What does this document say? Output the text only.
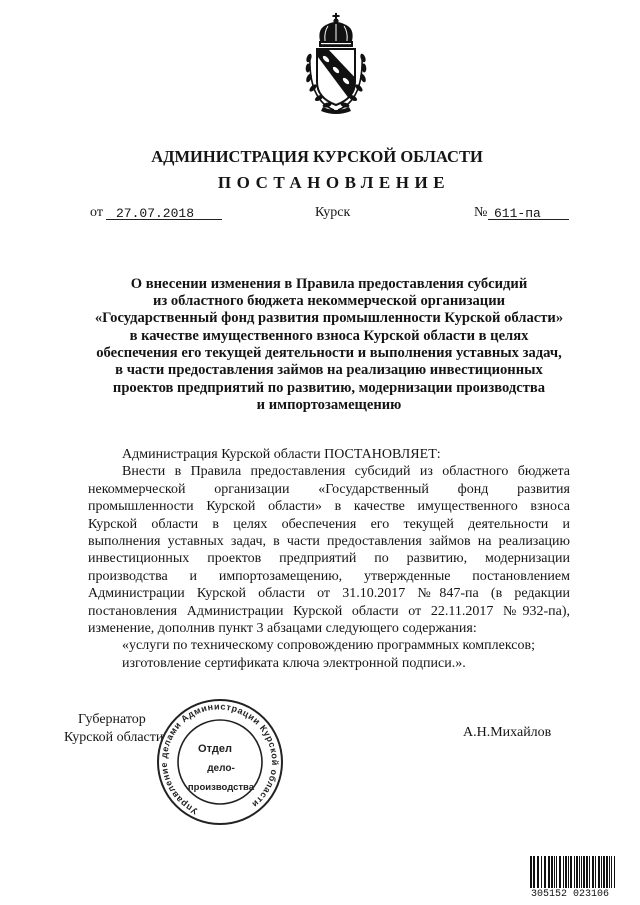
АДМИНИСТРАЦИЯ КУРСКОЙ ОБЛАСТИ
ПОСТАНОВЛЕНИЕ
от 27.07.2018	Курск	№ 611-па
О внесении изменения в Правила предоставления субсидий
из областного бюджета некоммерческой организации
«Государственный фонд развития промышленности Курской области»
в качестве имущественного взноса Курской области в целях
обеспечения его текущей деятельности и выполнения уставных задач,
в части предоставления займов на реализацию инвестиционных
проектов предприятий по развитию, модернизации производства
и импортозамещению
Администрация Курской области ПОСТАНОВЛЯЕТ:
Внести в Правила предоставления субсидий из областного бюджета
некоммерческой организации «Государственный фонд развития
промышленности Курской области» в качестве имущественного взноса
Курской области в целях обеспечения его текущей деятельности и
выполнения уставных задач, в части предоставления займов на реализацию
инвестиционных проектов предприятий по развитию, модернизации
производства и импортозамещению, утвержденные постановлением
Администрации Курской области от 31.10.2017 №847-па (в редакции
постановления Администрации Курской области от 22.11.2017 №932-па),
изменение, дополнив пункт 3 абзацами следующего содержания:
«услуги по техническому сопровождению программных комплексов;
изготовление сертификата ключа электронной подписи.».
Губернатор
Курской области	А.Н.Михайлов
Управление делами Администрации Курской области
Отдел
дело-
производства
305152 023106
